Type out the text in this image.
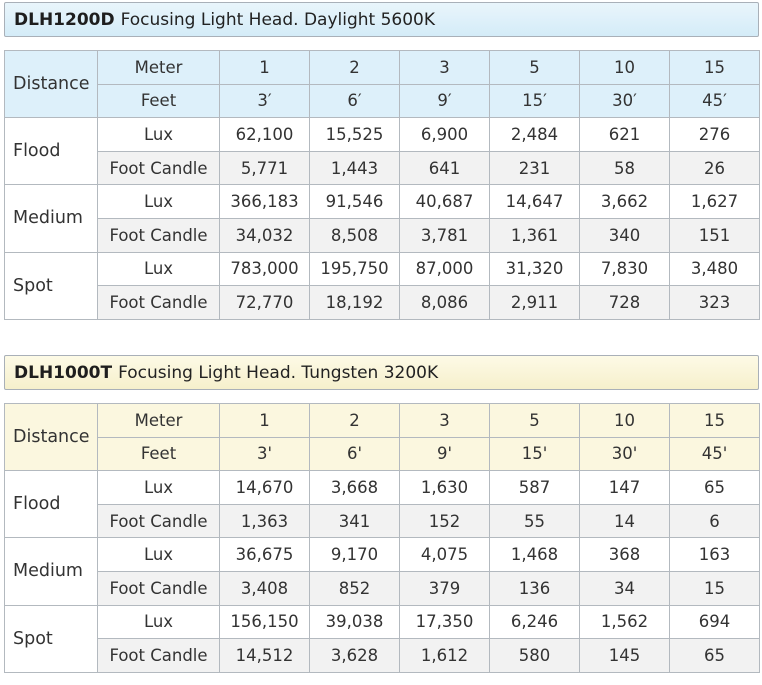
DLH1200D Focusing Light Head. Daylight 5600K
Distance	Meter	1	2	3	5	10	15
	Feet	3′	6′	9′	15′	30′	45′
Flood	Lux	62,100	15,525	6,900	2,484	621	276
	Foot Candle	5,771	1,443	641	231	58	26
Medium	Lux	366,183	91,546	40,687	14,647	3,662	1,627
	Foot Candle	34,032	8,508	3,781	1,361	340	151
Spot	Lux	783,000	195,750	87,000	31,320	7,830	3,480
	Foot Candle	72,770	18,192	8,086	2,911	728	323
DLH1000T Focusing Light Head. Tungsten 3200K
Distance	Meter	1	2	3	5	10	15
	Feet	3'	6'	9'	15'	30'	45'
Flood	Lux	14,670	3,668	1,630	587	147	65
	Foot Candle	1,363	341	152	55	14	6
Medium	Lux	36,675	9,170	4,075	1,468	368	163
	Foot Candle	3,408	852	379	136	34	15
Spot	Lux	156,150	39,038	17,350	6,246	1,562	694
	Foot Candle	14,512	3,628	1,612	580	145	65
